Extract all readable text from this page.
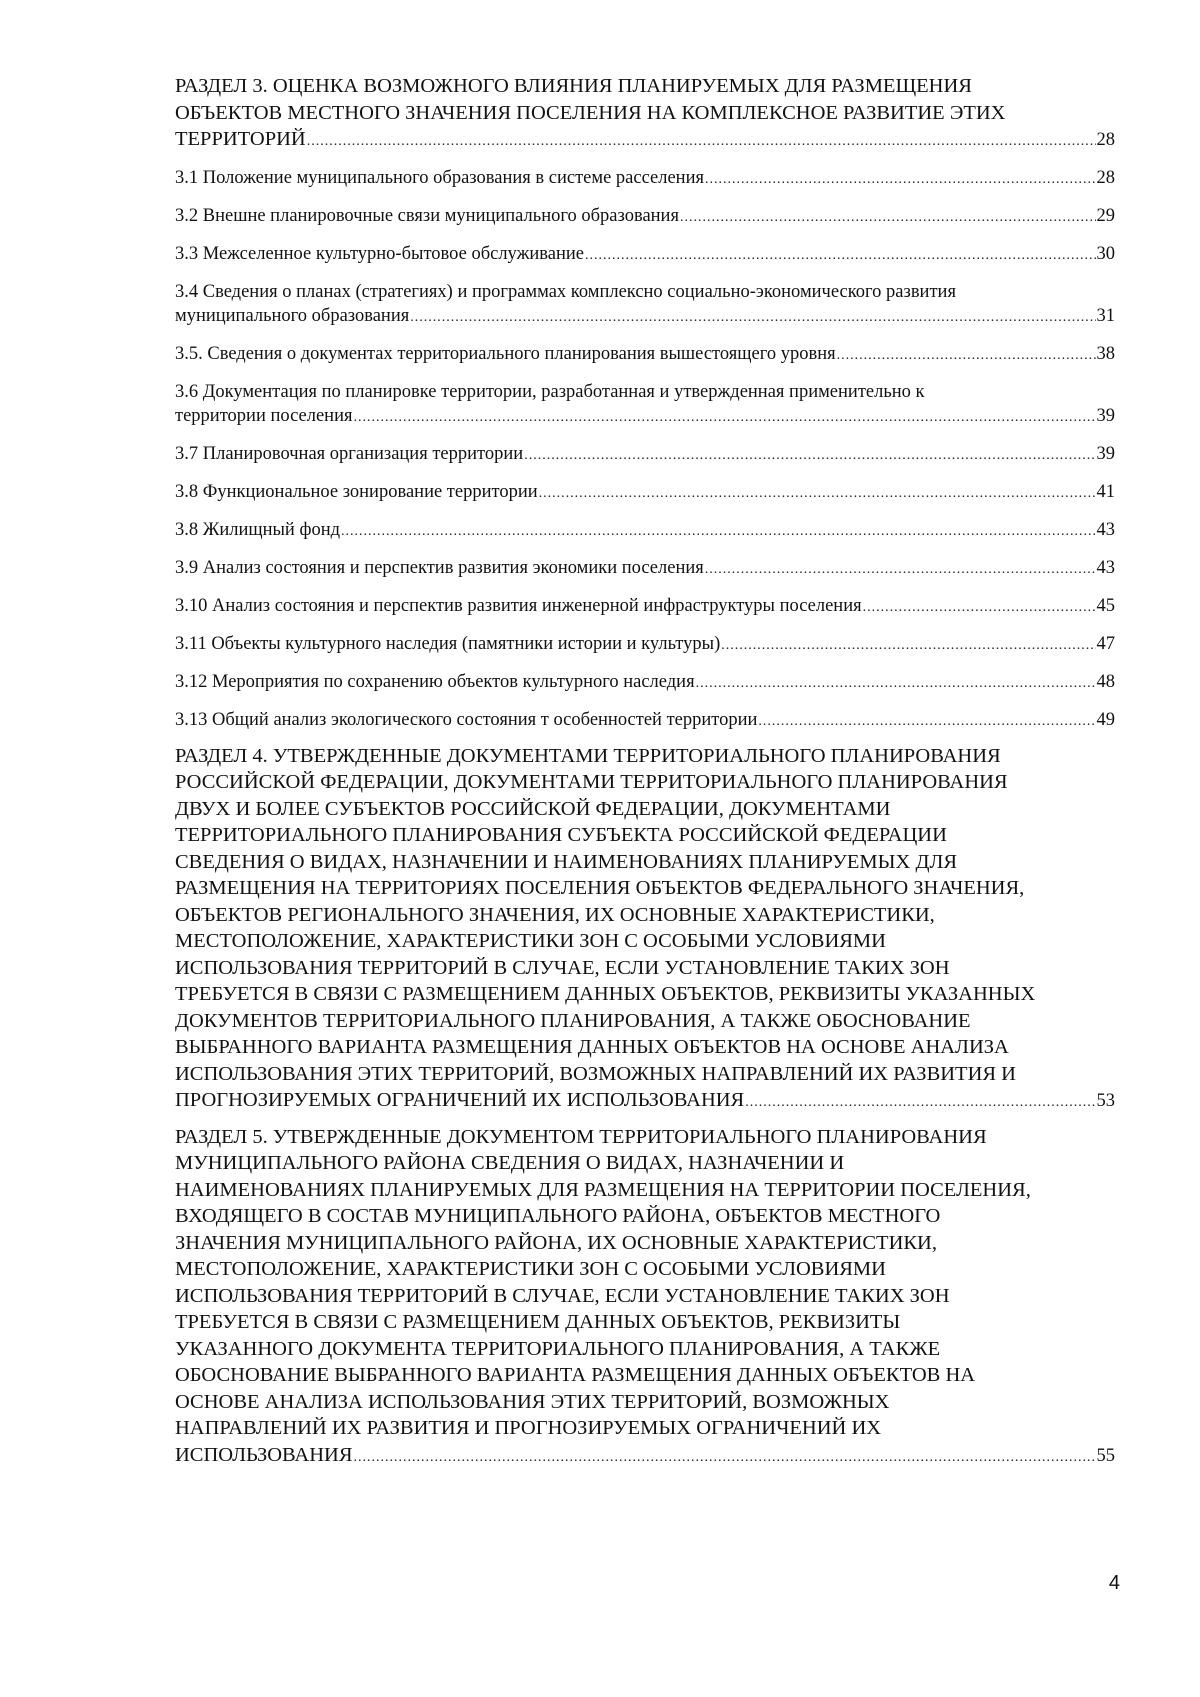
РАЗДЕЛ 3. ОЦЕНКА ВОЗМОЖНОГО ВЛИЯНИЯ ПЛАНИРУЕМЫХ ДЛЯ РАЗМЕЩЕНИЯ
ОБЪЕКТОВ МЕСТНОГО ЗНАЧЕНИЯ ПОСЕЛЕНИЯ НА КОМПЛЕКСНОЕ РАЗВИТИЕ ЭТИХ
ТЕРРИТОРИЙ .....	28
3.1 Положение муниципального образования в системе расселения .....	28
3.2 Внешне планировочные связи муниципального образования .....	29
3.3 Межселенное культурно-бытовое обслуживание .....	30
3.4 Сведения о планах (стратегиях) и программах комплексно социально-экономического развития
муниципального образования .....	31
3.5. Сведения о документах территориального планирования вышестоящего уровня .....	38
3.6 Документация по планировке территории, разработанная и утвержденная применительно к
территории поселения .....	39
3.7 Планировочная организация территории .....	39
3.8 Функциональное зонирование территории .....	41
3.8 Жилищный фонд .....	43
3.9 Анализ состояния и перспектив развития экономики поселения .....	43
3.10 Анализ состояния и перспектив развития инженерной инфраструктуры поселения .....	45
3.11 Объекты культурного наследия (памятники истории и культуры) .....	47
3.12 Мероприятия по сохранению объектов культурного наследия .....	48
3.13 Общий анализ экологического состояния т особенностей территории .....	49
РАЗДЕЛ 4. УТВЕРЖДЕННЫЕ ДОКУМЕНТАМИ ТЕРРИТОРИАЛЬНОГО ПЛАНИРОВАНИЯ
РОССИЙСКОЙ ФЕДЕРАЦИИ, ДОКУМЕНТАМИ ТЕРРИТОРИАЛЬНОГО ПЛАНИРОВАНИЯ
ДВУХ И БОЛЕЕ СУБЪЕКТОВ РОССИЙСКОЙ ФЕДЕРАЦИИ, ДОКУМЕНТАМИ
ТЕРРИТОРИАЛЬНОГО ПЛАНИРОВАНИЯ СУБЪЕКТА РОССИЙСКОЙ ФЕДЕРАЦИИ
СВЕДЕНИЯ О ВИДАХ, НАЗНАЧЕНИИ И НАИМЕНОВАНИЯХ ПЛАНИРУЕМЫХ ДЛЯ
РАЗМЕЩЕНИЯ НА ТЕРРИТОРИЯХ ПОСЕЛЕНИЯ ОБЪЕКТОВ ФЕДЕРАЛЬНОГО ЗНАЧЕНИЯ,
ОБЪЕКТОВ РЕГИОНАЛЬНОГО ЗНАЧЕНИЯ, ИХ ОСНОВНЫЕ ХАРАКТЕРИСТИКИ,
МЕСТОПОЛОЖЕНИЕ, ХАРАКТЕРИСТИКИ ЗОН С ОСОБЫМИ УСЛОВИЯМИ
ИСПОЛЬЗОВАНИЯ ТЕРРИТОРИЙ В СЛУЧАЕ, ЕСЛИ УСТАНОВЛЕНИЕ ТАКИХ ЗОН
ТРЕБУЕТСЯ В СВЯЗИ С РАЗМЕЩЕНИЕМ ДАННЫХ ОБЪЕКТОВ, РЕКВИЗИТЫ УКАЗАННЫХ
ДОКУМЕНТОВ ТЕРРИТОРИАЛЬНОГО ПЛАНИРОВАНИЯ, А ТАКЖЕ ОБОСНОВАНИЕ
ВЫБРАННОГО ВАРИАНТА РАЗМЕЩЕНИЯ ДАННЫХ ОБЪЕКТОВ НА ОСНОВЕ АНАЛИЗА
ИСПОЛЬЗОВАНИЯ ЭТИХ ТЕРРИТОРИЙ, ВОЗМОЖНЫХ НАПРАВЛЕНИЙ ИХ РАЗВИТИЯ И
ПРОГНОЗИРУЕМЫХ ОГРАНИЧЕНИЙ ИХ ИСПОЛЬЗОВАНИЯ .....	53
РАЗДЕЛ 5. УТВЕРЖДЕННЫЕ ДОКУМЕНТОМ ТЕРРИТОРИАЛЬНОГО ПЛАНИРОВАНИЯ
МУНИЦИПАЛЬНОГО РАЙОНА СВЕДЕНИЯ О ВИДАХ, НАЗНАЧЕНИИ И
НАИМЕНОВАНИЯХ ПЛАНИРУЕМЫХ ДЛЯ РАЗМЕЩЕНИЯ НА ТЕРРИТОРИИ ПОСЕЛЕНИЯ,
ВХОДЯЩЕГО В СОСТАВ МУНИЦИПАЛЬНОГО РАЙОНА, ОБЪЕКТОВ МЕСТНОГО
ЗНАЧЕНИЯ МУНИЦИПАЛЬНОГО РАЙОНА, ИХ ОСНОВНЫЕ ХАРАКТЕРИСТИКИ,
МЕСТОПОЛОЖЕНИЕ, ХАРАКТЕРИСТИКИ ЗОН С ОСОБЫМИ УСЛОВИЯМИ
ИСПОЛЬЗОВАНИЯ ТЕРРИТОРИЙ В СЛУЧАЕ, ЕСЛИ УСТАНОВЛЕНИЕ ТАКИХ ЗОН
ТРЕБУЕТСЯ В СВЯЗИ С РАЗМЕЩЕНИЕМ ДАННЫХ ОБЪЕКТОВ, РЕКВИЗИТЫ
УКАЗАННОГО ДОКУМЕНТА ТЕРРИТОРИАЛЬНОГО ПЛАНИРОВАНИЯ, А ТАКЖЕ
ОБОСНОВАНИЕ ВЫБРАННОГО ВАРИАНТА РАЗМЕЩЕНИЯ ДАННЫХ ОБЪЕКТОВ НА
ОСНОВЕ АНАЛИЗА ИСПОЛЬЗОВАНИЯ ЭТИХ ТЕРРИТОРИЙ, ВОЗМОЖНЫХ
НАПРАВЛЕНИЙ ИХ РАЗВИТИЯ И ПРОГНОЗИРУЕМЫХ ОГРАНИЧЕНИЙ ИХ
ИСПОЛЬЗОВАНИЯ .....	55
4
